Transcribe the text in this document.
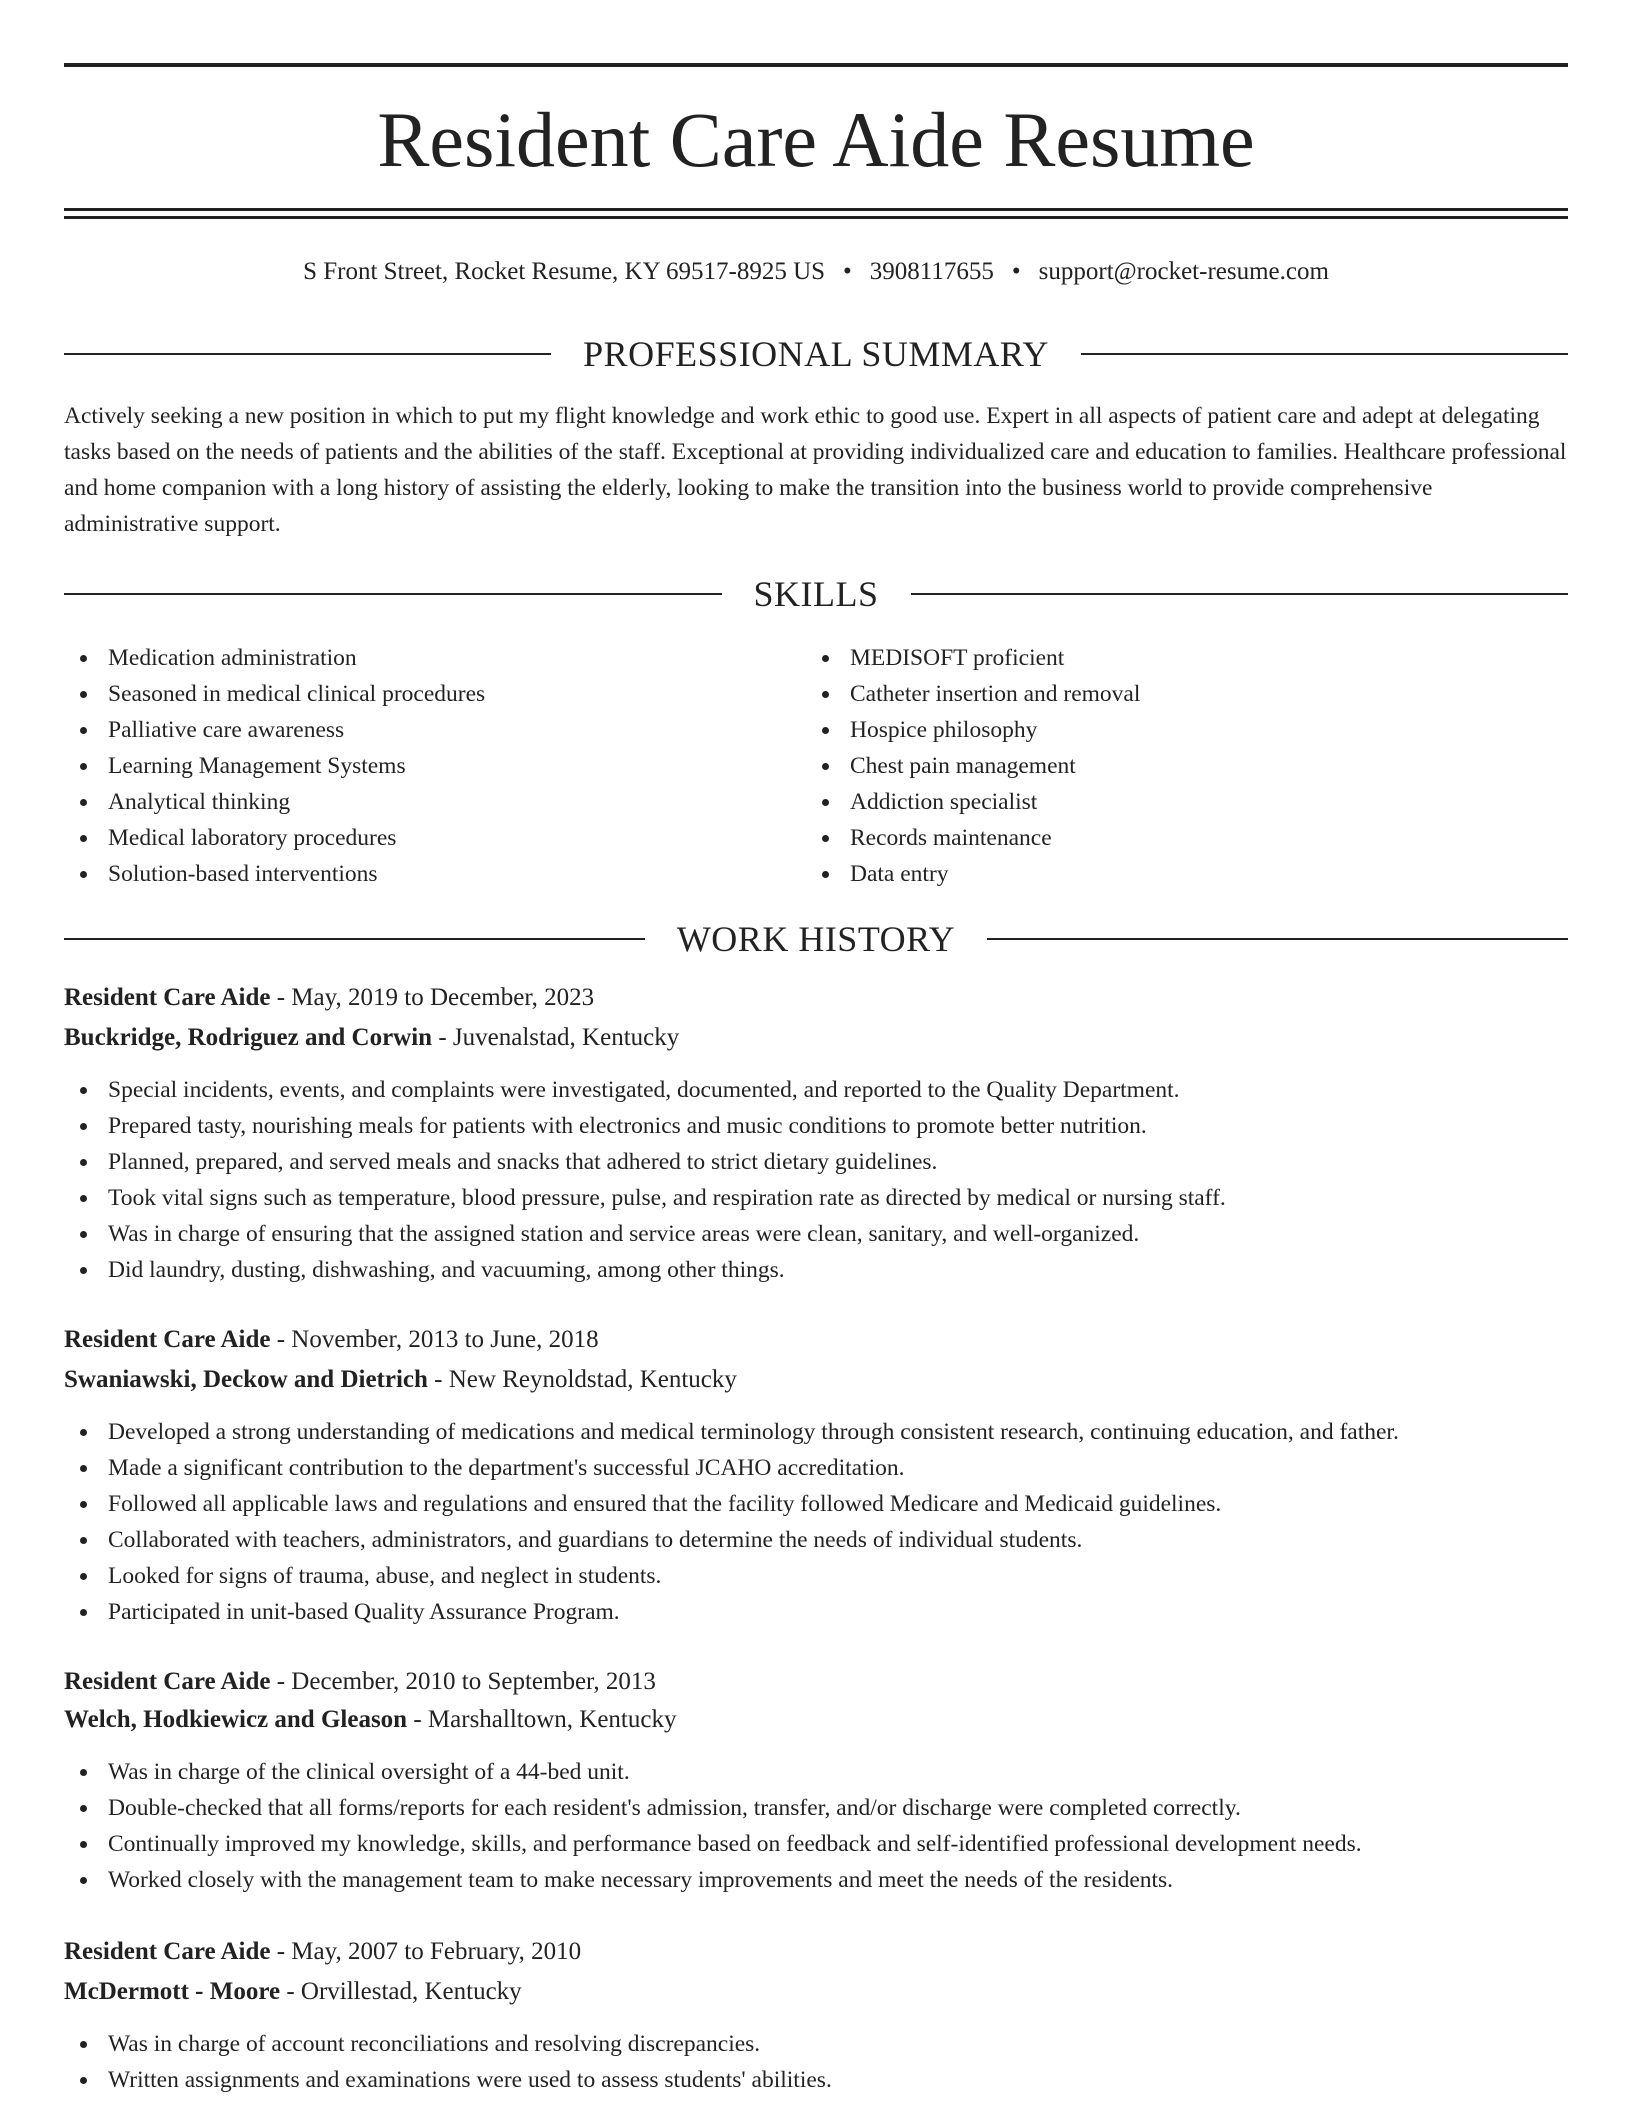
Resident Care Aide Resume
S Front Street, Rocket Resume, KY 69517-8925 US • 3908117655 • support@rocket-resume.com
PROFESSIONAL SUMMARY

Actively seeking a new position in which to put my flight knowledge and work ethic to good use. Expert in all aspects of patient care and adept at delegating tasks based on the needs of patients and the abilities of the staff. Exceptional at providing individualized care and education to families. Healthcare professional and home companion with a long history of assisting the elderly, looking to make the transition into the business world to provide comprehensive administrative support.

SKILLS
Medication administration
Seasoned in medical clinical procedures
Palliative care awareness
Learning Management Systems
Analytical thinking
Medical laboratory procedures
Solution-based interventions
MEDISOFT proficient
Catheter insertion and removal
Hospice philosophy
Chest pain management
Addiction specialist
Records maintenance
Data entry
WORK HISTORY
Resident Care Aide - May, 2019 to December, 2023
Buckridge, Rodriguez and Corwin - Juvenalstad, Kentucky
Special incidents, events, and complaints were investigated, documented, and reported to the Quality Department.
Prepared tasty, nourishing meals for patients with electronics and music conditions to promote better nutrition.
Planned, prepared, and served meals and snacks that adhered to strict dietary guidelines.
Took vital signs such as temperature, blood pressure, pulse, and respiration rate as directed by medical or nursing staff.
Was in charge of ensuring that the assigned station and service areas were clean, sanitary, and well-organized.
Did laundry, dusting, dishwashing, and vacuuming, among other things.
Resident Care Aide - November, 2013 to June, 2018
Swaniawski, Deckow and Dietrich - New Reynoldstad, Kentucky
Developed a strong understanding of medications and medical terminology through consistent research, continuing education, and father.
Made a significant contribution to the department's successful JCAHO accreditation.
Followed all applicable laws and regulations and ensured that the facility followed Medicare and Medicaid guidelines.
Collaborated with teachers, administrators, and guardians to determine the needs of individual students.
Looked for signs of trauma, abuse, and neglect in students.
Participated in unit-based Quality Assurance Program.
Resident Care Aide - December, 2010 to September, 2013
Welch, Hodkiewicz and Gleason - Marshalltown, Kentucky
Was in charge of the clinical oversight of a 44-bed unit.
Double-checked that all forms/reports for each resident's admission, transfer, and/or discharge were completed correctly.
Continually improved my knowledge, skills, and performance based on feedback and self-identified professional development needs.
Worked closely with the management team to make necessary improvements and meet the needs of the residents.
Resident Care Aide - May, 2007 to February, 2010
McDermott - Moore - Orvillestad, Kentucky
Was in charge of account reconciliations and resolving discrepancies.
Written assignments and examinations were used to assess students' abilities.
